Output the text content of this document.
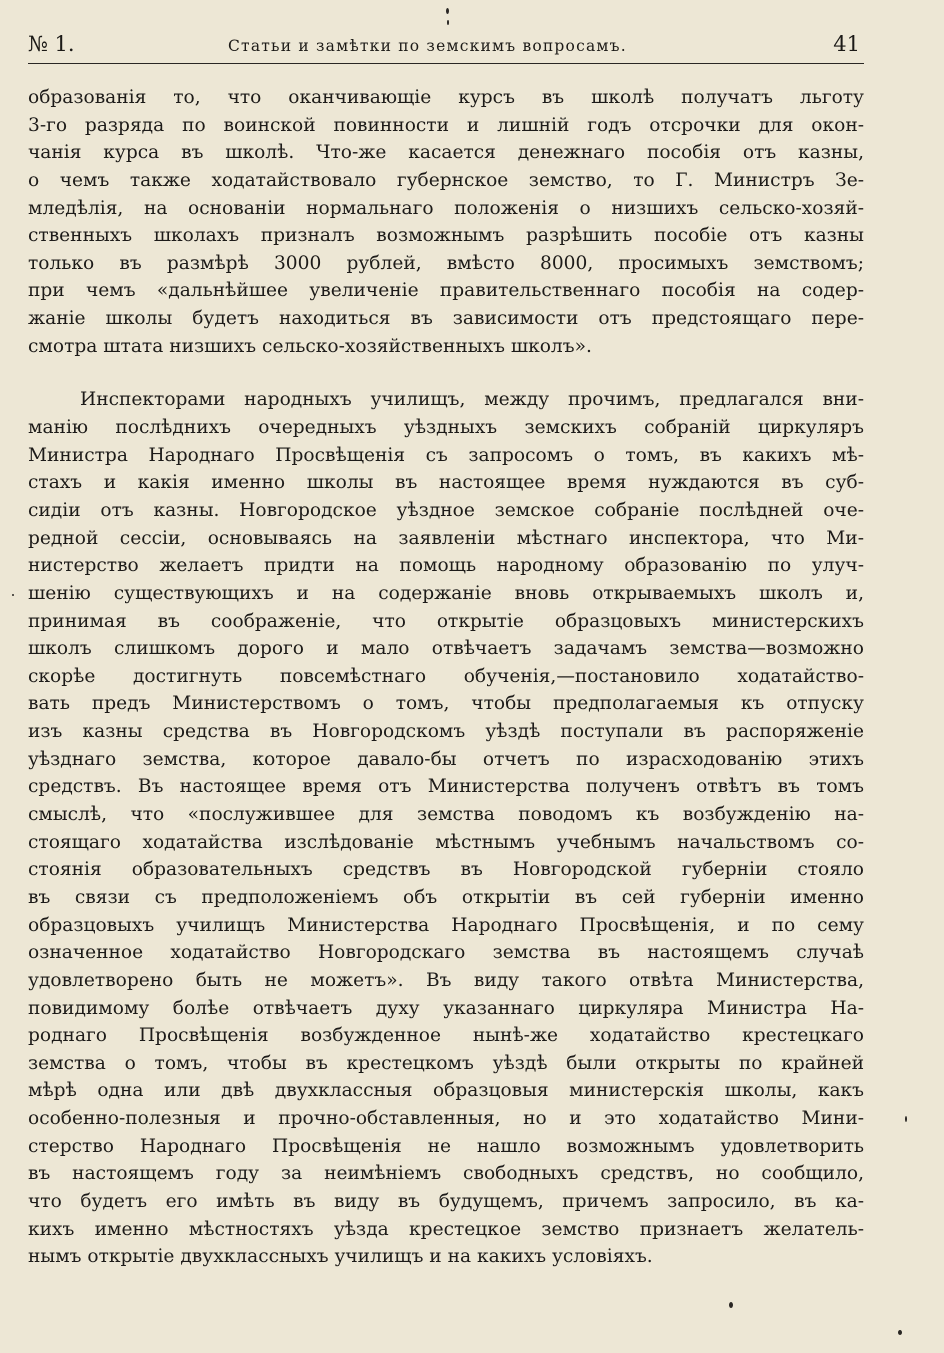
№ 1.	Статьи и замѣтки по земскимъ вопросамъ.	41
образованія то, что оканчивающіе курсъ въ школѣ получатъ льготу
3-го разряда по воинской повинности и лишній годъ отсрочки для окон-
чанія курса въ школѣ. Что-же касается денежнаго пособія отъ казны,
о чемъ также ходатайствовало губернское земство, то Г. Министръ Зе-
мледѣлія, на основаніи нормальнаго положенія о низшихъ сельско-хозяй-
ственныхъ школахъ призналъ возможнымъ разрѣшить пособіе отъ казны
только въ размѣрѣ 3000 рублей, вмѣсто 8000, просимыхъ земствомъ;
при чемъ «дальнѣйшее увеличеніе правительственнаго пособія на содер-
жаніе школы будетъ находиться въ зависимости отъ предстоящаго пере-
смотра штата низшихъ сельско-хозяйственныхъ школъ».
Инспекторами народныхъ училищъ, между прочимъ, предлагался вни-
манію послѣднихъ очередныхъ уѣздныхъ земскихъ собраній циркуляръ
Министра Народнаго Просвѣщенія съ запросомъ о томъ, въ какихъ мѣ-
стахъ и какія именно школы въ настоящее время нуждаются въ суб-
сидіи отъ казны. Новгородское уѣздное земское собраніе послѣдней оче-
редной сессіи, основываясь на заявленіи мѣстнаго инспектора, что Ми-
нистерство желаетъ придти на помощь народному образованію по улуч-
шенію существующихъ и на содержаніе вновь открываемыхъ школъ и,
принимая въ соображеніе, что открытіе образцовыхъ министерскихъ
школъ слишкомъ дорого и мало отвѣчаетъ задачамъ земства—возможно
скорѣе достигнуть повсемѣстнаго обученія,—постановило ходатайство-
вать предъ Министерствомъ о томъ, чтобы предполагаемыя къ отпуску
изъ казны средства въ Новгородскомъ уѣздѣ поступали въ распоряженіе
уѣзднаго земства, которое давало-бы отчетъ по израсходованію этихъ
средствъ. Въ настоящее время отъ Министерства полученъ отвѣтъ въ томъ
смыслѣ, что «послужившее для земства поводомъ къ возбужденію на-
стоящаго ходатайства изслѣдованіе мѣстнымъ учебнымъ начальствомъ со-
стоянія образовательныхъ средствъ въ Новгородской губерніи стояло
въ связи съ предположеніемъ объ открытіи въ сей губерніи именно
образцовыхъ училищъ Министерства Народнаго Просвѣщенія, и по сему
означенное ходатайство Новгородскаго земства въ настоящемъ случаѣ
удовлетворено быть не можетъ». Въ виду такого отвѣта Министерства,
повидимому болѣе отвѣчаетъ духу указаннаго циркуляра Министра На-
роднаго Просвѣщенія возбужденное нынѣ-же ходатайство крестецкаго
земства о томъ, чтобы въ крестецкомъ уѣздѣ были открыты по крайней
мѣрѣ одна или двѣ двухклассныя образцовыя министерскія школы, какъ
особенно-полезныя и прочно-обставленныя, но и это ходатайство Мини-
стерство Народнаго Просвѣщенія не нашло возможнымъ удовлетворить
въ настоящемъ году за неимѣніемъ свободныхъ средствъ, но сообщило,
что будетъ его имѣть въ виду въ будущемъ, причемъ запросило, въ ка-
кихъ именно мѣстностяхъ уѣзда крестецкое земство признаетъ желатель-
нымъ открытіе двухклассныхъ училищъ и на какихъ условіяхъ.
